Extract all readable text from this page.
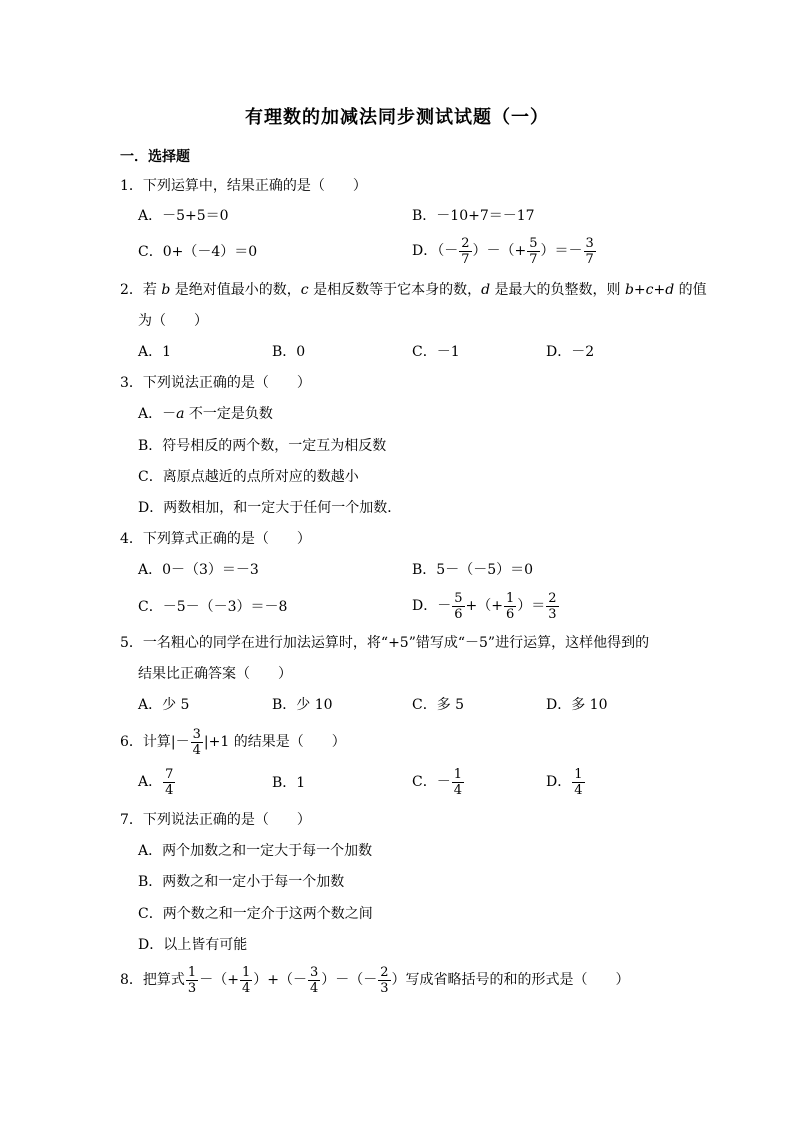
有理数的加减法同步测试试题（一）
一．选择题
1．下列运算中，结果正确的是（　　）
A．－5+5＝0	B．－10+7＝－17
C．0+（－4）＝0	D．（－ $\frac{2}{7}$ ）－（+ $\frac{5}{7}$ ）＝－ $\frac{3}{7}$
2．若 b 是绝对值最小的数，c 是相反数等于它本身的数，d 是最大的负整数，则 b+c+d 的值
为（　　）
A．1	B．0	C．－1	D．－2
3．下列说法正确的是（　　）
A．－a 不一定是负数
B．符号相反的两个数，一定互为相反数
C．离原点越近的点所对应的数越小
D．两数相加，和一定大于任何一个加数．
4．下列算式正确的是（　　）
A．0－（3）＝－3	B．5－（－5）＝0
C．－5－（－3）＝－8	D．－ $\frac{5}{6}$ +（+ $\frac{1}{6}$ ）＝ $\frac{2}{3}$
5．一名粗心的同学在进行加法运算时，将“+5”错写成“－5”进行运算，这样他得到的
结果比正确答案（　　）
A．少 5	B．少 10	C．多 5	D．多 10
6．计算|－ $\frac{3}{4} |+1$ 的结果是（　　）
A． $\frac{7}{4}$	B．1	C．－ $\frac{1}{4}$	D． $\frac{1}{4}$
7．下列说法正确的是（　　）
A．两个加数之和一定大于每一个加数
B．两数之和一定小于每一个加数
C．两个数之和一定介于这两个数之间
D．以上皆有可能
8．把算式 $\frac{1}{3}$ －（+ $\frac{1}{4}$ ）+（－ $\frac{3}{4}$ ）－（－ $\frac{2}{3}$ ）写成省略括号的和的形式是（　　）
